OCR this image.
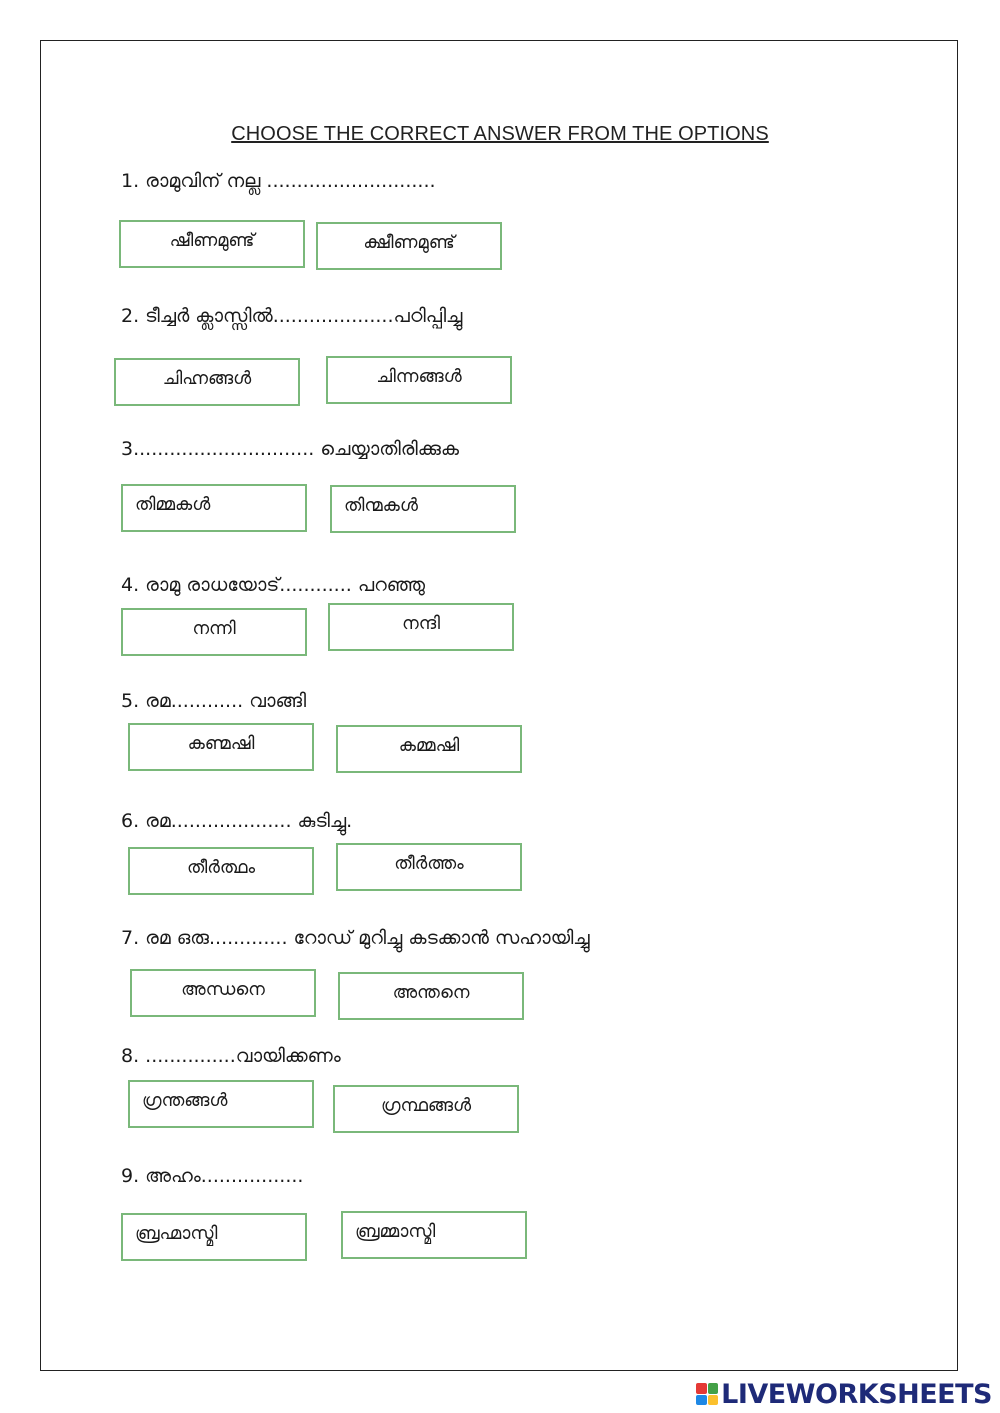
CHOOSE THE CORRECT ANSWER FROM THE OPTIONS
1. രാമുവിന് നല്ല ............................
ഷീണമുണ്ട്	ക്ഷീണമുണ്ട്
2. ടീച്ചർ ക്ലാസ്സിൽ....................പഠിപ്പിച്ചു
ചിഹ്നങ്ങൾ	ചിന്നങ്ങൾ
3.............................. ചെയ്യാതിരിക്കുക
തിമ്മകൾ	തിന്മകൾ
4. രാമു രാധയോട്............ പറഞ്ഞു
നന്നി	നന്ദി
5. രമ............ വാങ്ങി
കണ്മഷി	കമ്മഷി
6. രമ.................... കുടിച്ചു.
തീർത്ഥം	തീർത്തം
7. രമ ഒരു............. റോഡ് മുറിച്ചു കടക്കാൻ സഹായിച്ചു
അന്ധനെ	അന്തനെ
8. ...............വായിക്കണം
ഗ്രന്തങ്ങൾ	ഗ്രന്ഥങ്ങൾ
9. അഹം.................
ബ്രഹ്മാസ്മി	ബ്രമ്മാസ്മി
LIVEWORKSHEETS
